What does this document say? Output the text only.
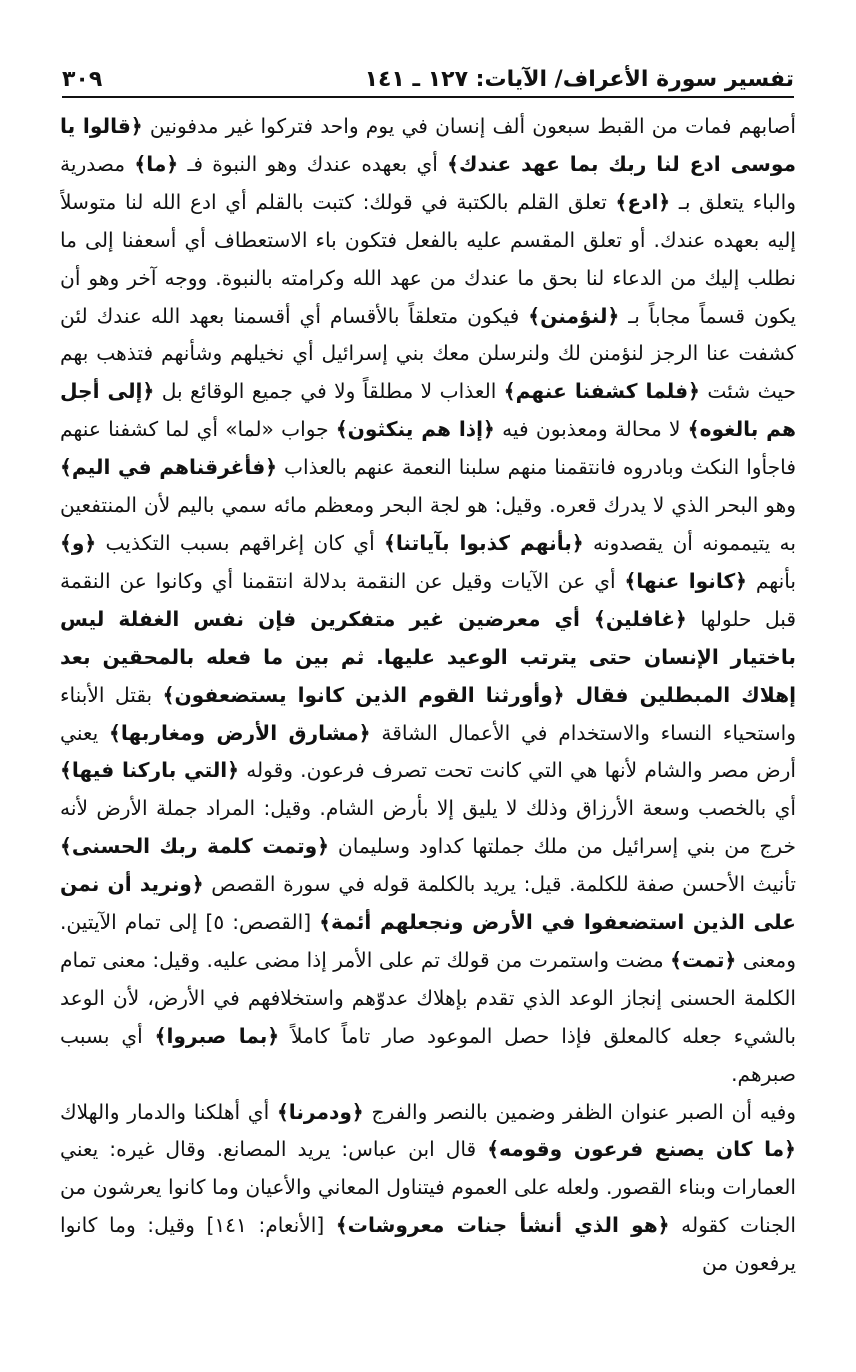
تفسير سورة الأعراف/ الآيات: ١٢٧ ـ ١٤١
٣٠٩

أصابهم فمات من القبط سبعون ألف إنسان في يوم واحد فتركوا غير مدفونين ﴿قالوا يا موسى ادع لنا ربك بما عهد عندك﴾ أي بعهده عندك وهو النبوة فـ ﴿ما﴾ مصدرية والباء يتعلق بـ ﴿ادع﴾ تعلق القلم بالكتبة في قولك: كتبت بالقلم أي ادع الله لنا متوسلاً إليه بعهده عندك. أو تعلق المقسم عليه بالفعل فتكون باء الاستعطاف أي أسعفنا إلى ما نطلب إليك من الدعاء لنا بحق ما عندك من عهد الله وكرامته بالنبوة. ووجه آخر وهو أن يكون قسماً مجاباً بـ ﴿لنؤمنن﴾ فيكون متعلقاً بالأقسام أي أقسمنا بعهد الله عندك لئن كشفت عنا الرجز لنؤمنن لك ولنرسلن معك بني إسرائيل أي نخيلهم وشأنهم فتذهب بهم حيث شئت ﴿فلما كشفنا عنهم﴾ العذاب لا مطلقاً ولا في جميع الوقائع بل ﴿إلى أجل هم بالغوه﴾ لا محالة ومعذبون فيه ﴿إذا هم ينكثون﴾ جواب «لما» أي لما كشفنا عنهم فاجأوا النكث وبادروه فانتقمنا منهم سلبنا النعمة عنهم بالعذاب ﴿فأغرقناهم في اليم﴾ وهو البحر الذي لا يدرك قعره. وقيل: هو لجة البحر ومعظم مائه سمي باليم لأن المنتفعين به يتيممونه أن يقصدونه ﴿بأنهم كذبوا بآياتنا﴾ أي كان إغراقهم بسبب التكذيب ﴿و﴾ بأنهم ﴿كانوا عنها﴾ أي عن الآيات وقيل عن النقمة بدلالة انتقمنا أي وكانوا عن النقمة قبل حلولها ﴿غافلين﴾ أي معرضين غير متفكرين فإن نفس الغفلة ليس باختيار الإنسان حتى يترتب الوعيد عليها. ثم بين ما فعله بالمحقين بعد إهلاك المبطلين فقال ﴿وأورثنا القوم الذين كانوا يستضعفون﴾ بقتل الأبناء واستحياء النساء والاستخدام في الأعمال الشاقة ﴿مشارق الأرض ومغاربها﴾ يعني أرض مصر والشام لأنها هي التي كانت تحت تصرف فرعون. وقوله ﴿التي باركنا فيها﴾ أي بالخصب وسعة الأرزاق وذلك لا يليق إلا بأرض الشام. وقيل: المراد جملة الأرض لأنه خرج من بني إسرائيل من ملك جملتها كداود وسليمان ﴿وتمت كلمة ربك الحسنى﴾ تأنيث الأحسن صفة للكلمة. قيل: يريد بالكلمة قوله في سورة القصص ﴿ونريد أن نمن على الذين استضعفوا في الأرض ونجعلهم أئمة﴾ [القصص: ٥] إلى تمام الآيتين. ومعنى ﴿تمت﴾ مضت واستمرت من قولك تم على الأمر إذا مضى عليه. وقيل: معنى تمام الكلمة الحسنى إنجاز الوعد الذي تقدم بإهلاك عدوّهم واستخلافهم في الأرض، لأن الوعد بالشيء جعله كالمعلق فإذا حصل الموعود صار تاماً كاملاً ﴿بما صبروا﴾ أي بسبب صبرهم.

وفيه أن الصبر عنوان الظفر وضمين بالنصر والفرج ﴿ودمرنا﴾ أي أهلكنا والدمار والهلاك ﴿ما كان يصنع فرعون وقومه﴾ قال ابن عباس: يريد المصانع. وقال غيره: يعني العمارات وبناء القصور. ولعله على العموم فيتناول المعاني والأعيان وما كانوا يعرشون من الجنات كقوله ﴿هو الذي أنشأ جنات معروشات﴾ [الأنعام: ١٤١] وقيل: وما كانوا يرفعون من
